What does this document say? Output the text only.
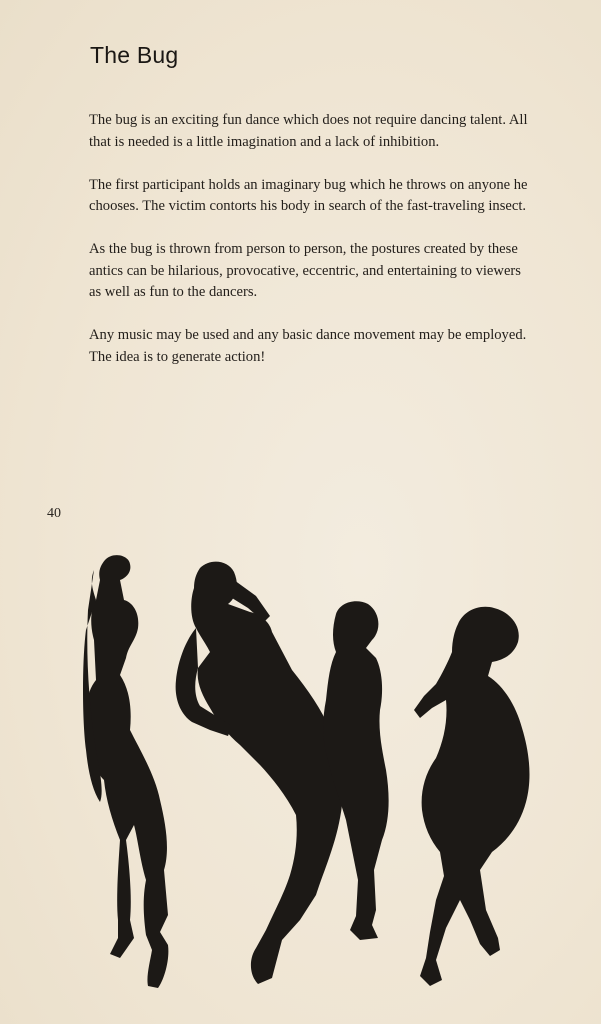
The Bug

The bug is an exciting fun dance which does not require dancing talent. All that is needed is a little imagination and a lack of inhibition.

The first participant holds an imaginary bug which he throws on anyone he chooses. The victim contorts his body in search of the fast-traveling insect.

As the bug is thrown from person to person, the postures created by these antics can be hilarious, provocative, eccentric, and entertaining to viewers as well as fun to the dancers.

Any music may be used and any basic dance movement may be employed. The idea is to generate action!

40
